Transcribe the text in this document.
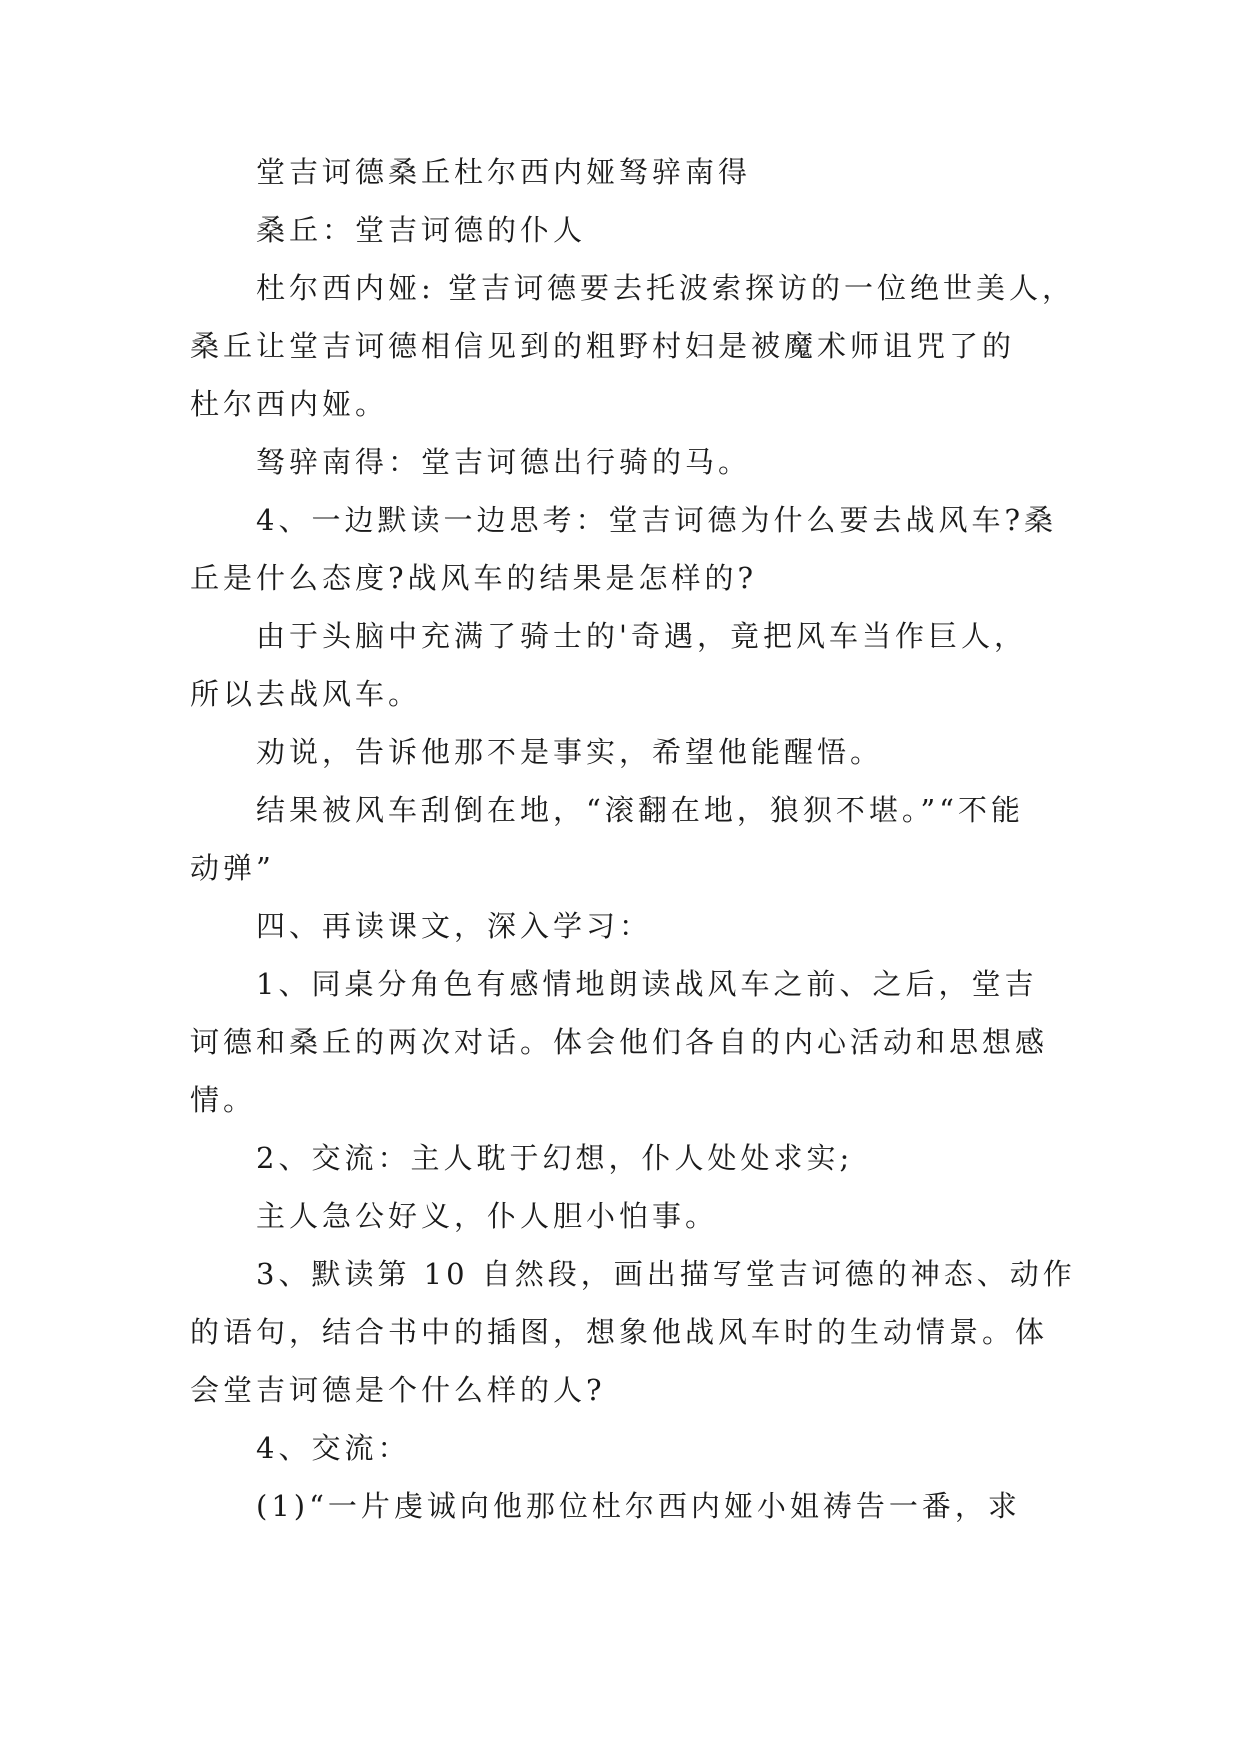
堂吉诃德桑丘杜尔西内娅驽骍南得
桑丘：堂吉诃德的仆人
杜尔西内娅: 堂吉诃德要去托波索探访的一位绝世美人，
桑丘让堂吉诃德相信见到的粗野村妇是被魔术师诅咒了的
杜尔西内娅。
驽骍南得：堂吉诃德出行骑的马。
4、一边默读一边思考：堂吉诃德为什么要去战风车?桑
丘是什么态度?战风车的结果是怎样的?
由于头脑中充满了骑士的'奇遇，竟把风车当作巨人，
所以去战风车。
劝说，告诉他那不是事实，希望他能醒悟。
结果被风车刮倒在地，“滚翻在地，狼狈不堪。”“不能
动弹”
四、再读课文，深入学习：
1、同桌分角色有感情地朗读战风车之前、之后，堂吉
诃德和桑丘的两次对话。体会他们各自的内心活动和思想感
情。
2、交流：主人耽于幻想，仆人处处求实;
主人急公好义，仆人胆小怕事。
3、默读第 10 自然段，画出描写堂吉诃德的神态、动作
的语句，结合书中的插图，想象他战风车时的生动情景。体
会堂吉诃德是个什么样的人?
4、交流：
(1)“一片虔诚向他那位杜尔西内娅小姐祷告一番，求
